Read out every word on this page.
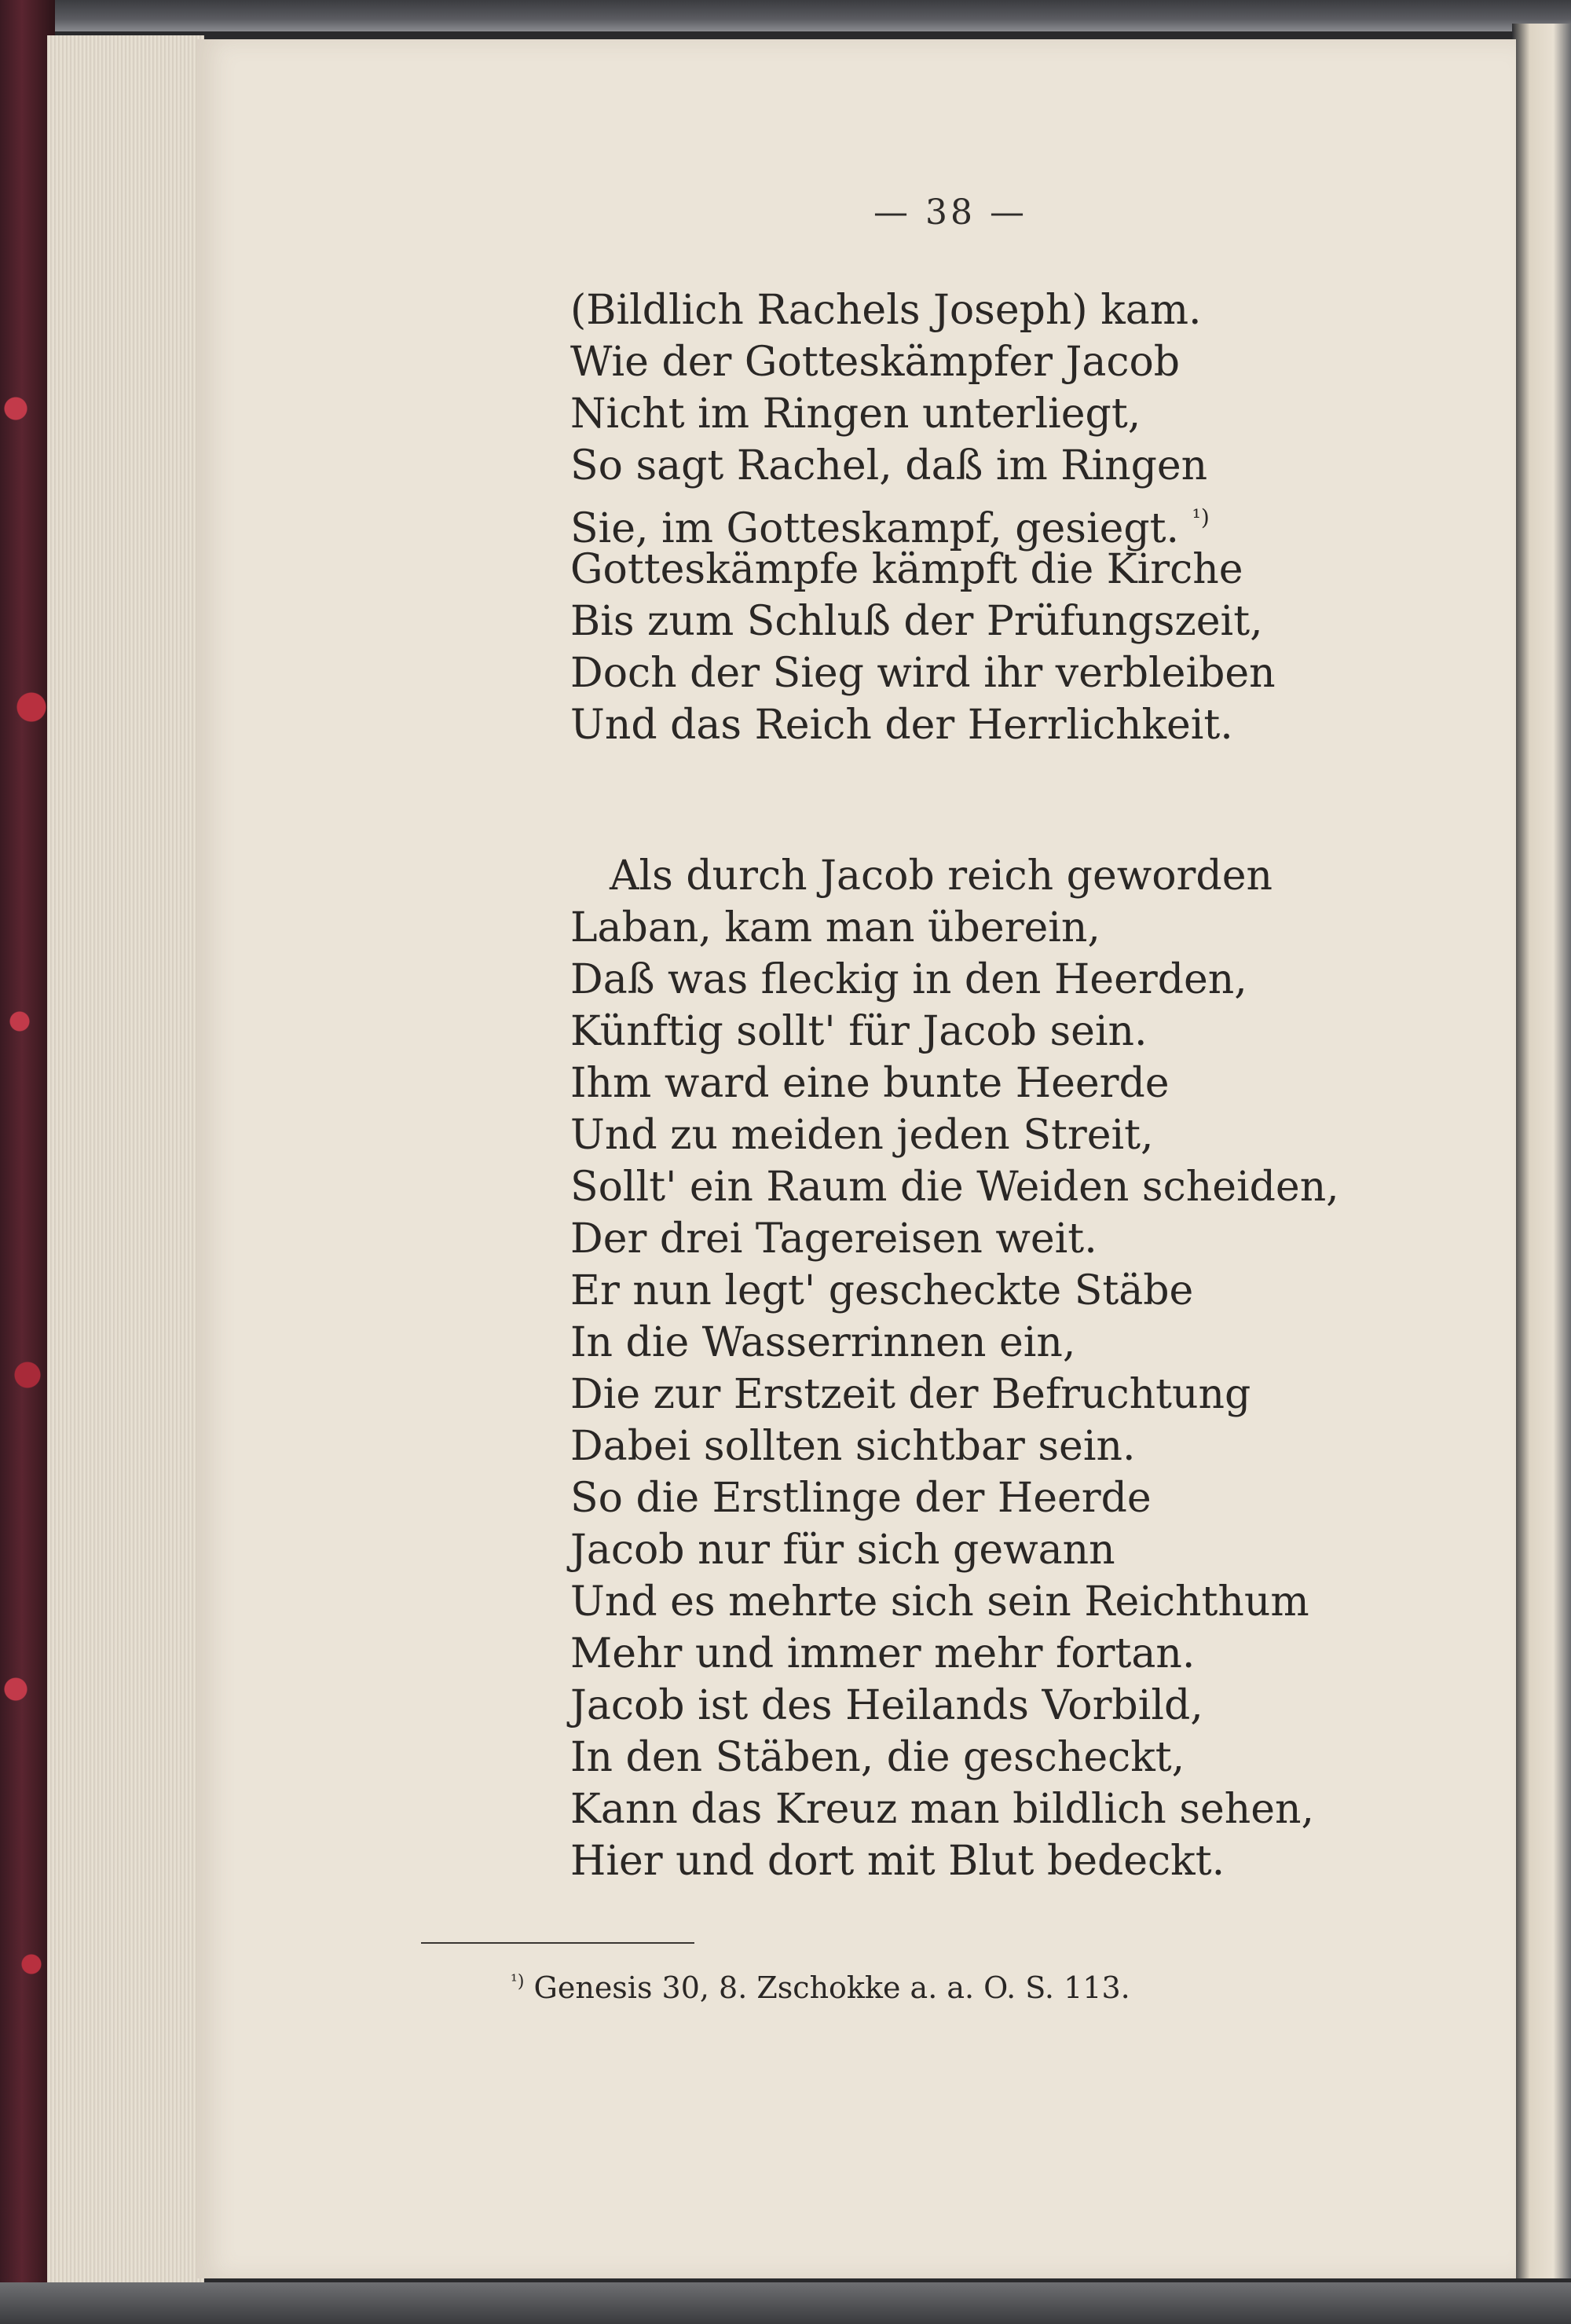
— 38 —
(Bildlich Rachels Joseph) kam.
Wie der Gotteskämpfer Jacob
Nicht im Ringen unterliegt,
So sagt Rachel, daß im Ringen
Sie, im Gotteskampf, gesiegt. $^{^1)}$
Gotteskämpfe kämpft die Kirche
Bis zum Schluß der Prüfungszeit,
Doch der Sieg wird ihr verbleiben
Und das Reich der Herrlichkeit.
Als durch Jacob reich geworden
Laban, kam man überein,
Daß was fleckig in den Heerden,
Künftig sollt' für Jacob sein.
Ihm ward eine bunte Heerde
Und zu meiden jeden Streit,
Sollt' ein Raum die Weiden scheiden,
Der drei Tagereisen weit.
Er nun legt' gescheckte Stäbe
In die Wasserrinnen ein,
Die zur Erstzeit der Befruchtung
Dabei sollten sichtbar sein.
So die Erstlinge der Heerde
Jacob nur für sich gewann
Und es mehrte sich sein Reichthum
Mehr und immer mehr fortan.
Jacob ist des Heilands Vorbild,
In den Stäben, die gescheckt,
Kann das Kreuz man bildlich sehen,
Hier und dort mit Blut bedeckt.
$^{^1)}$ Genesis 30, 8. Zschokke a. a. O. S. 113.
